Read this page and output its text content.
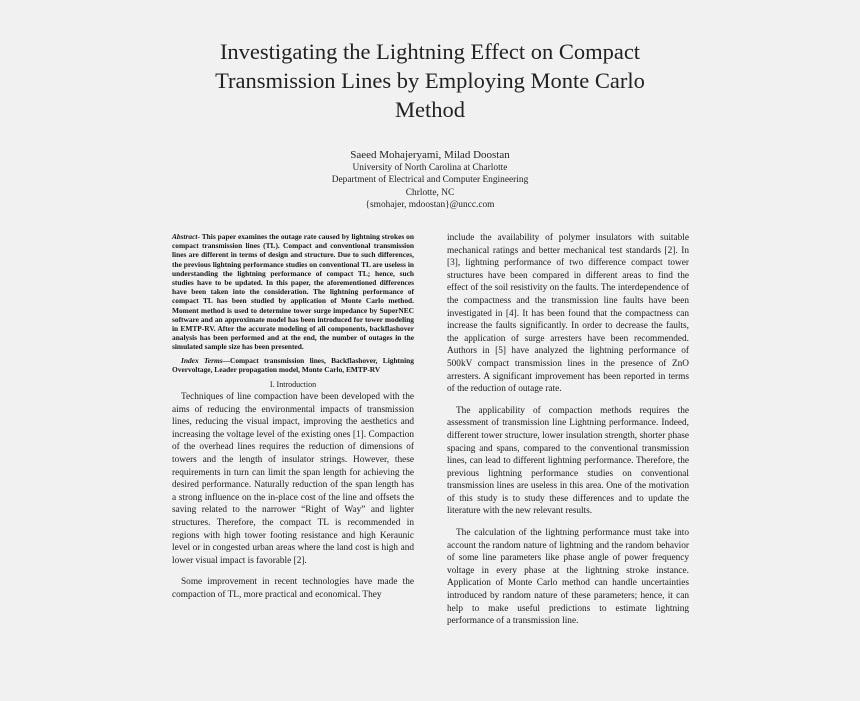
Investigating the Lightning Effect on Compact
Transmission Lines by Employing Monte Carlo
Method
Saeed Mohajeryami, Milad Doostan
University of North Carolina at Charlotte
Department of Electrical and Computer Engineering
Chrlotte, NC
{smohajer, mdoostan}@uncc.com

Abstract- This paper examines the outage rate caused by lightning strokes on compact transmission lines (TL). Compact and conventional transmission lines are different in terms of design and structure. Due to such differences, the previous lightning performance studies on conventional TL are useless in understanding the lightning performance of compact TL; hence, such studies have to be updated. In this paper, the aforementioned differences have been taken into the consideration. The lightning performance of compact TL has been studied by application of Monte Carlo method. Moment method is used to determine tower surge impedance by SuperNEC software and an approximate model has been introduced for tower modeling in EMTP-RV. After the accurate modeling of all components, backflashover analysis has been performed and at the end, the number of outages in the simulated sample size has been presented.

Index Terms—Compact transmission lines, Backflashover, Lightning Overvoltage, Leader propagation model, Monte Carlo, EMTP-RV

I. Introduction

Techniques of line compaction have been developed with the aims of reducing the environmental impacts of transmission lines, reducing the visual impact, improving the aesthetics and increasing the voltage level of the existing ones [1]. Compaction of the overhead lines requires the reduction of dimensions of towers and the length of insulator strings. However, these requirements in turn can limit the span length for achieving the desired performance. Naturally reduction of the span length has a strong influence on the in-place cost of the line and offsets the saving related to the narrower “Right of Way” and lighter structures. Therefore, the compact TL is recommended in regions with high tower footing resistance and high Keraunic level or in congested urban areas where the land cost is high and lower visual impact is favorable [2].

Some improvement in recent technologies have made the compaction of TL, more practical and economical. They

include the availability of polymer insulators with suitable mechanical ratings and better mechanical test standards [2]. In [3], lightning performance of two difference compact tower structures have been compared in different areas to find the effect of the soil resistivity on the faults. The interdependence of the compactness and the transmission line faults have been investigated in [4]. It has been found that the compactness can increase the faults significantly. In order to decrease the faults, the application of surge arresters have been recommended. Authors in [5] have analyzed the lightning performance of 500kV compact transmission lines in the presence of ZnO arresters. A significant improvement has been reported in terms of the reduction of outage rate.

The applicability of compaction methods requires the assessment of transmission line Lightning performance. Indeed, different tower structure, lower insulation strength, shorter phase spacing and spans, compared to the conventional transmission lines, can lead to different lightning performance. Therefore, the previous lightning performance studies on conventional transmission lines are useless in this area. One of the motivation of this study is to study these differences and to update the literature with the new relevant results.

The calculation of the lightning performance must take into account the random nature of lightning and the random behavior of some line parameters like phase angle of power frequency voltage in every phase at the lightning stroke instance. Application of Monte Carlo method can handle uncertainties introduced by random nature of these parameters; hence, it can help to make useful predictions to estimate lightning performance of a transmission line.
